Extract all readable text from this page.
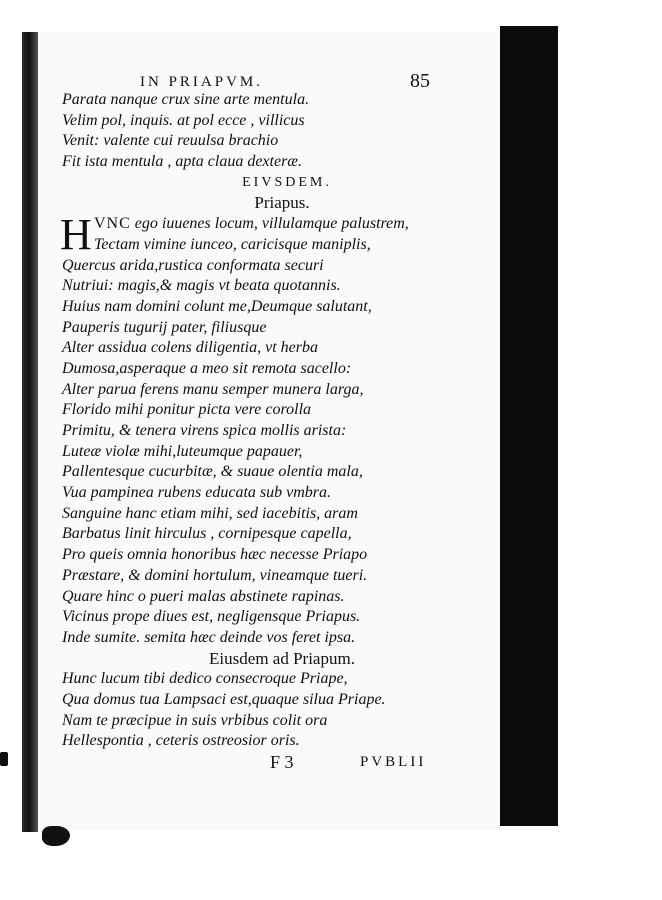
IN PRIAPVM.	85
Parata nanque crux sine arte mentula.
Velim pol, inquis. at pol ecce , villicus
Venit: valente cui reuulsa brachio
Fit ista mentula , apta claua dexteræ.
EIVSDEM.
Priapus.
H VNC ego iuuenes locum, villulamque palustrem,
Tectam vimine iunceo, caricisque maniplis,
Quercus arida,rustica conformata securi
Nutriui: magis,& magis vt beata quotannis.
Huius nam domini colunt me,Deumque salutant,
Pauperis tugurij pater, filiusque
Alter assidua colens diligentia, vt herba
Dumosa,asperaque a meo sit remota sacello:
Alter parua ferens manu semper munera larga,
Florido mihi ponitur picta vere corolla
Primitu, & tenera virens spica mollis arista:
Luteæ violæ mihi,luteumque papauer,
Pallentesque cucurbitæ, & suaue olentia mala,
Vua pampinea rubens educata sub vmbra.
Sanguine hanc etiam mihi, sed iacebitis, aram
Barbatus linit hirculus , cornipesque capella,
Pro queis omnia honoribus hæc necesse Priapo
Præstare, & domini hortulum, vineamque tueri.
Quare hinc o pueri malas abstinete rapinas.
Vicinus prope diues est, negligensque Priapus.
Inde sumite. semita hæc deinde vos feret ipsa.
Eiusdem ad Priapum.
Hunc lucum tibi dedico consecroque Priape,
Qua domus tua Lampsaci est,quaque silua Priape.
Nam te præcipue in suis vrbibus colit ora
Hellespontia , ceteris ostreosior oris.
F 3	PVBLII
